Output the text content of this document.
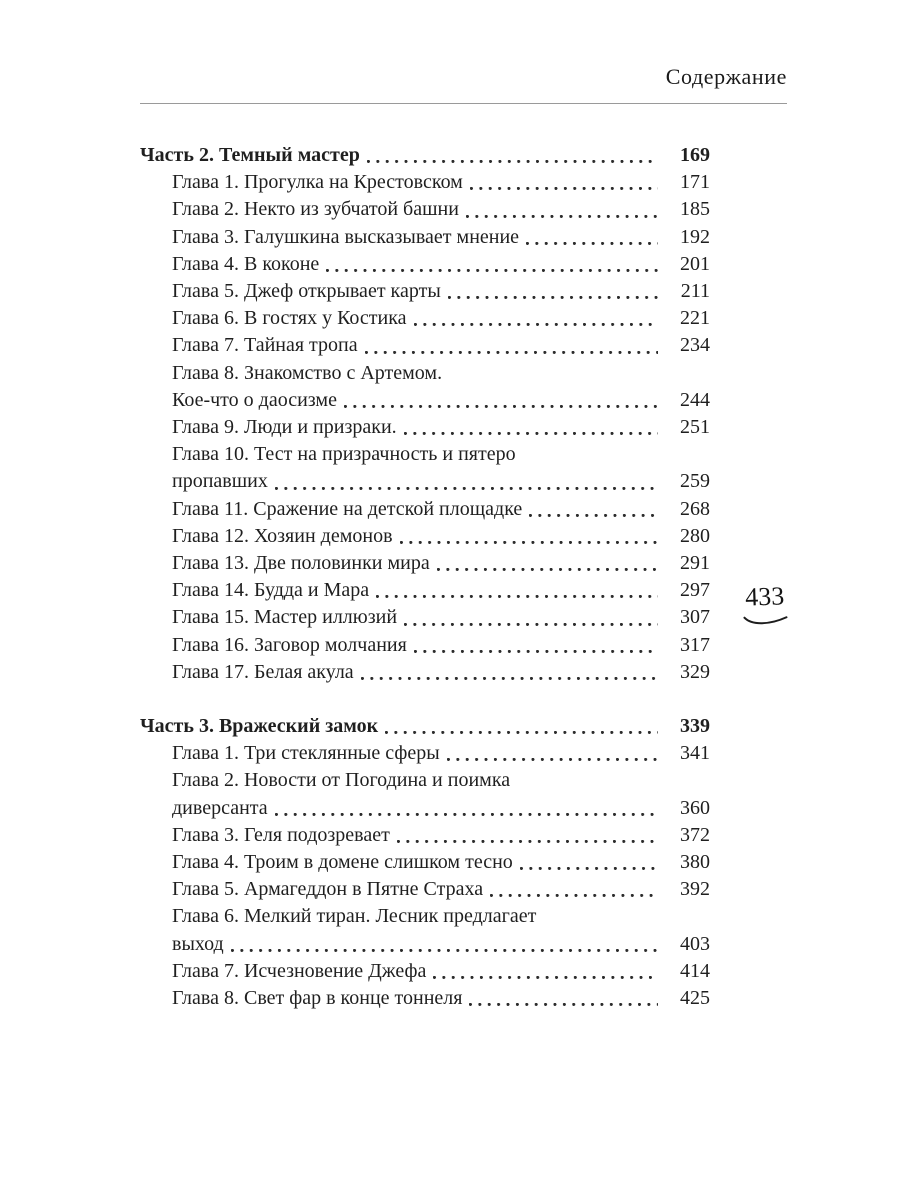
Содержание
Часть 2. Темный мастер	169
Глава 1. Прогулка на Крестовском	171
Глава 2. Некто из зубчатой башни	185
Глава 3. Галушкина высказывает мнение	192
Глава 4. В коконе	201
Глава 5. Джеф открывает карты	211
Глава 6. В гостях у Костика	221
Глава 7. Тайная тропа	234
Глава 8. Знакомство с Артемом.
Кое-что о даосизме	244
Глава 9. Люди и призраки.	251
Глава 10. Тест на призрачность и пятеро
пропавших	259
Глава 11. Сражение на детской площадке	268
Глава 12. Хозяин демонов	280
Глава 13. Две половинки мира	291
Глава 14. Будда и Мара	297
Глава 15. Мастер иллюзий	307
Глава 16. Заговор молчания	317
Глава 17. Белая акула	329
Часть 3. Вражеский замок	339
Глава 1. Три стеклянные сферы	341
Глава 2. Новости от Погодина и поимка
диверсанта	360
Глава 3. Геля подозревает	372
Глава 4. Троим в домене слишком тесно	380
Глава 5. Армагеддон в Пятне Страха	392
Глава 6. Мелкий тиран. Лесник предлагает
выход	403
Глава 7. Исчезновение Джефа	414
Глава 8. Свет фар в конце тоннеля	425
433
